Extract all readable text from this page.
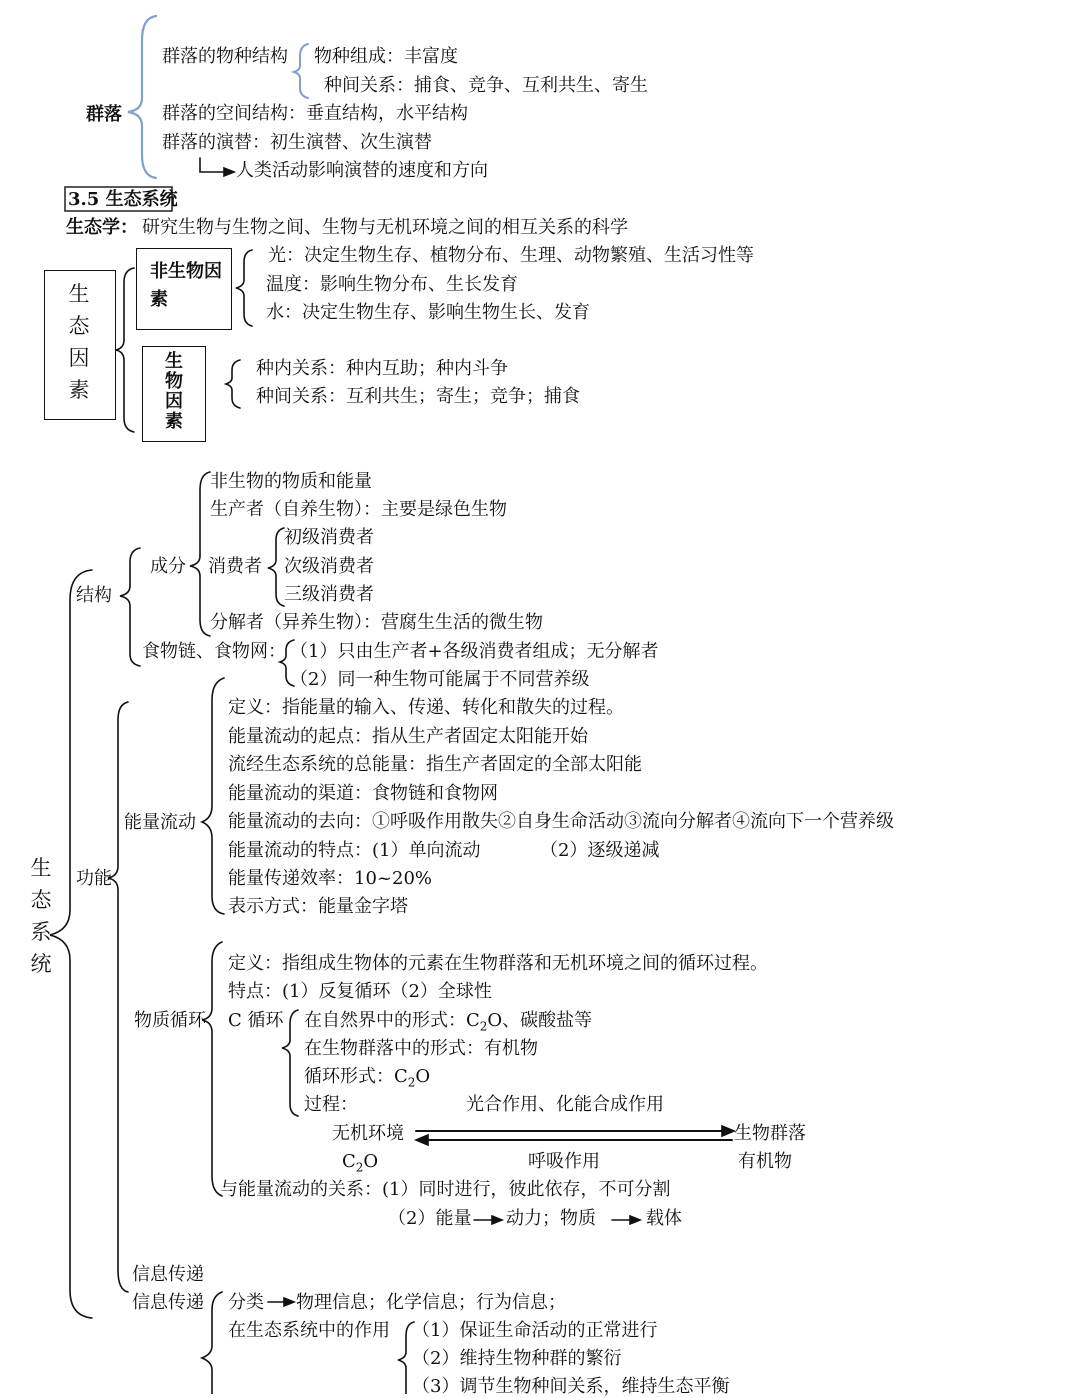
群落
群落的物种结构 物种组成：丰富度
种间关系：捕食、竞争、互利共生、寄生
群落的空间结构：垂直结构，水平结构
群落的演替：初生演替、次生演替
人类活动影响演替的速度和方向
3.5 生态系统
生态学： 研究生物与生物之间、生物与无机环境之间的相互关系的科学
生态因素
非生物因素
光：决定生物生存、植物分布、生理、动物繁殖、生活习性等
温度：影响生物分布、生长发育
水：决定生物生存、影响生物生长、发育
生物因素
种内关系：种内互助；种内斗争
种间关系：互利共生；寄生；竞争；捕食
生态系统
结构
成分
非生物的物质和能量
生产者（自养生物）：主要是绿色生物
消费者
初级消费者
次级消费者
三级消费者
分解者（异养生物）：营腐生生活的微生物
食物链、食物网： （1）只由生产者+各级消费者组成；无分解者
（2）同一种生物可能属于不同营养级
功能
能量流动
定义：指能量的输入、传递、转化和散失的过程。
能量流动的起点：指从生产者固定太阳能开始
流经生态系统的总能量：指生产者固定的全部太阳能
能量流动的渠道：食物链和食物网
能量流动的去向：①呼吸作用散失②自身生命活动③流向分解者④流向下一个营养级
能量流动的特点：(1）单向流动	（2）逐级递减
能量传递效率：10~20%
表示方式：能量金字塔
物质循环
定义：指组成生物体的元素在生物群落和无机环境之间的循环过程。
特点：(1）反复循环（2）全球性
C 循环 在自然界中的形式：$C_2O$、碳酸盐等
在生物群落中的形式：有机物
循环形式：$C_2O$
过程：	光合作用、化能合成作用
无机环境	生物群落
$C_2O$	呼吸作用	有机物
与能量流动的关系：(1）同时进行，彼此依存，不可分割
（2）能量 动力；物质	载体
信息传递
信息传递 分类 物理信息；化学信息；行为信息；
在生态系统中的作用 （1）保证生命活动的正常进行
（2）维持生物种群的繁衍
（3）调节生物种间关系，维持生态平衡
